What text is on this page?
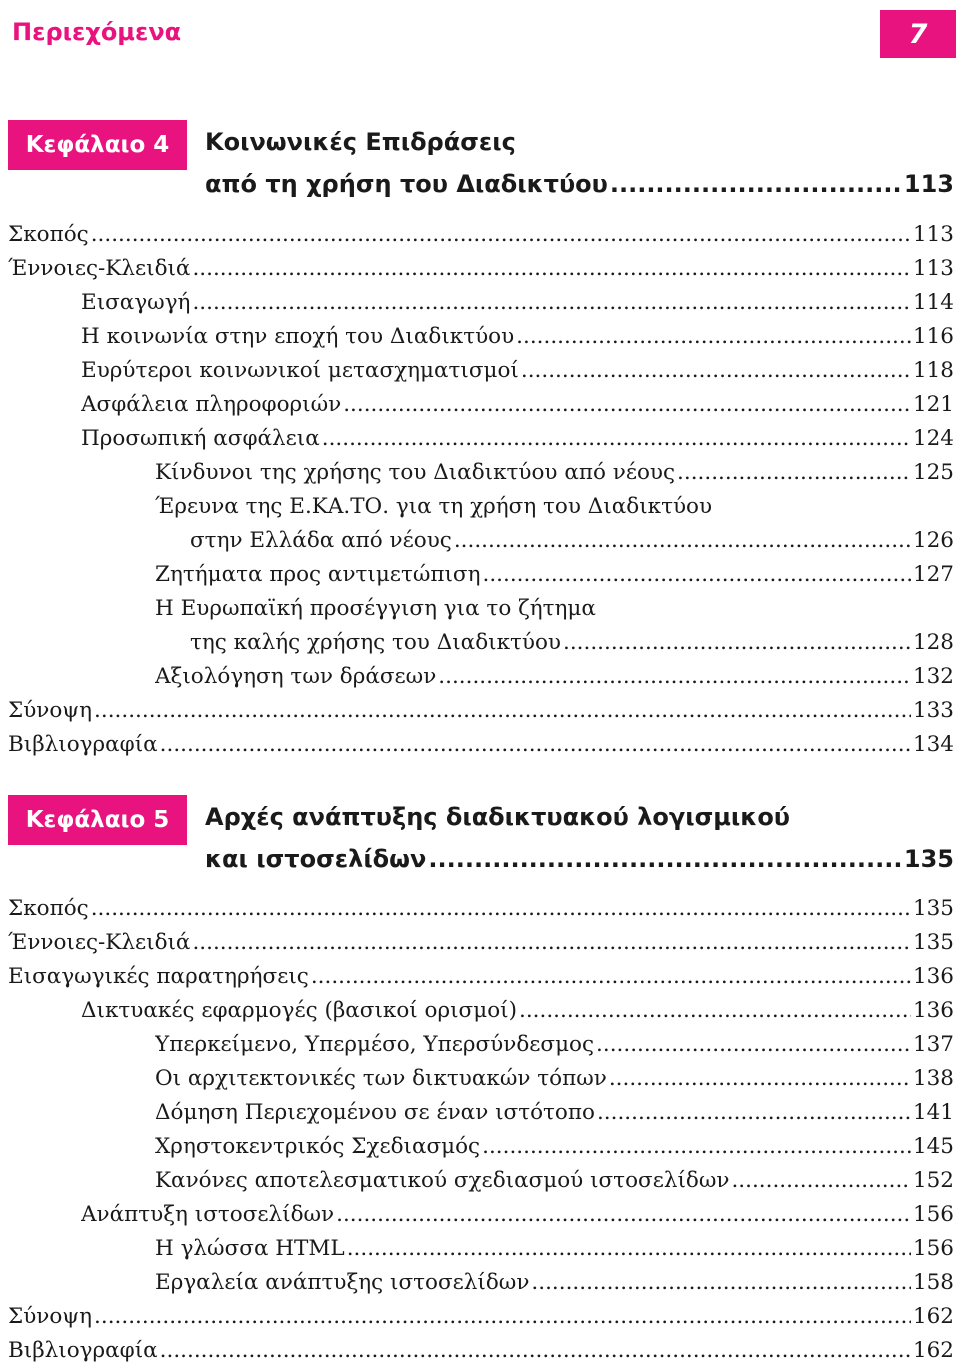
Περιεχόμενα	7
Κεφάλαιο 4	Κοινωνικές Επιδράσεις
από τη χρήση του Διαδικτύου .....	113
Σκοπός .....	113
Έννοιες-Κλειδιά .....	113
Εισαγωγή .....	114
Η κοινωνία στην εποχή του Διαδικτύου .....	116
Ευρύτεροι κοινωνικοί μετασχηματισμοί .....	118
Ασφάλεια πληροφοριών .....	121
Προσωπική ασφάλεια .....	124
Κίνδυνοι της χρήσης του Διαδικτύου από νέους .....	125
Έρευνα της Ε.ΚΑ.ΤΟ. για τη χρήση του Διαδικτύου
στην Ελλάδα από νέους .....	126
Ζητήματα προς αντιμετώπιση .....	127
Η Ευρωπαϊκή προσέγγιση για το ζήτημα
της καλής χρήσης του Διαδικτύου .....	128
Αξιολόγηση των δράσεων .....	132
Σύνοψη .....	133
Βιβλιογραφία .....	134
Κεφάλαιο 5	Αρχές ανάπτυξης διαδικτυακού λογισμικού
και ιστοσελίδων .....	135
Σκοπός .....	135
Έννοιες-Κλειδιά .....	135
Εισαγωγικές παρατηρήσεις .....	136
Δικτυακές εφαρμογές (βασικοί ορισμοί) .....	136
Υπερκείμενο, Υπερμέσο, Υπερσύνδεσμος .....	137
Οι αρχιτεκτονικές των δικτυακών τόπων .....	138
Δόμηση Περιεχομένου σε έναν ιστότοπο .....	141
Χρηστοκεντρικός Σχεδιασμός .....	145
Κανόνες αποτελεσματικού σχεδιασμού ιστοσελίδων .....	152
Ανάπτυξη ιστοσελίδων .....	156
Η γλώσσα HTML .....	156
Εργαλεία ανάπτυξης ιστοσελίδων .....	158
Σύνοψη .....	162
Βιβλιογραφία .....	162
